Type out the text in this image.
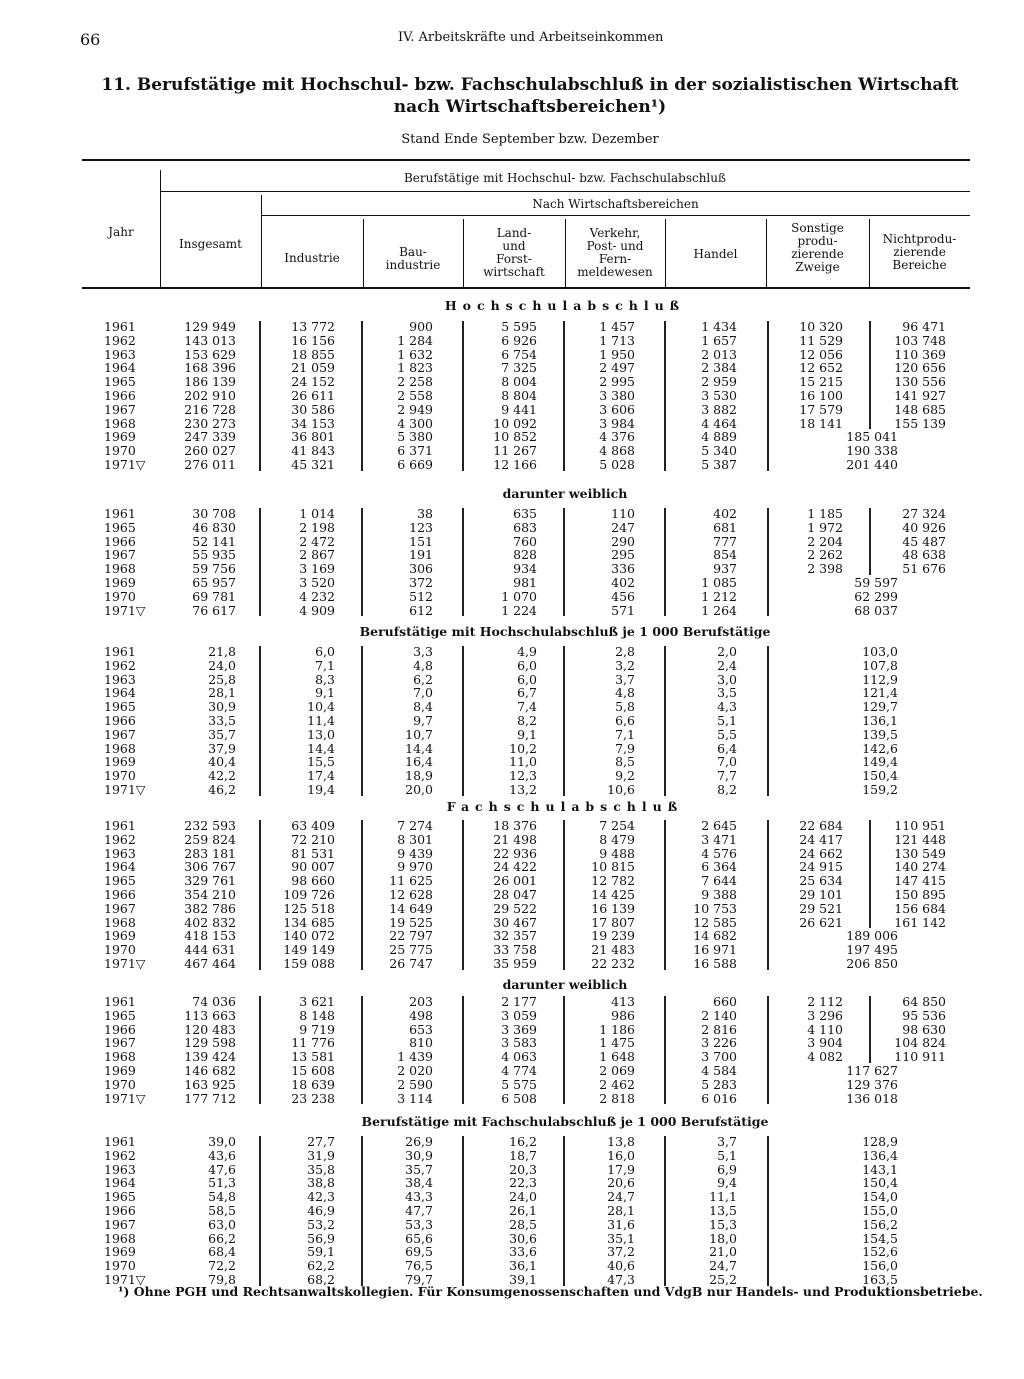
66	IV. Arbeitskräfte und Arbeitseinkommen
11. Berufstätige mit Hochschul- bzw. Fachschulabschluß in der sozialistischen Wirtschaft
nach Wirtschaftsbereichen¹)
Stand Ende September bzw. Dezember
Jahr
Berufstätige mit Hochschul- bzw. Fachschulabschluß
Nach Wirtschaftsbereichen
Insgesamt
Industrie	Bau-
industrie
Land-
und
Forst-
wirtschaft
Verkehr,
Post- und
Fern-
meldewesen
Handel
Sonstige
produ-
zierende
Zweige
Nichtprodu-
zierende
Bereiche
Hochschulabschluß
1961	129 949	13 772	900	5 595	1 457	1 434	10 320	96 471
1962	143 013	16 156	1 284	6 926	1 713	1 657	11 529	103 748
1963	153 629	18 855	1 632	6 754	1 950	2 013	12 056	110 369
1964	168 396	21 059	1 823	7 325	2 497	2 384	12 652	120 656
1965	186 139	24 152	2 258	8 004	2 995	2 959	15 215	130 556
1966	202 910	26 611	2 558	8 804	3 380	3 530	16 100	141 927
1967	216 728	30 586	2 949	9 441	3 606	3 882	17 579	148 685
1968	230 273	34 153	4 300	10 092	3 984	4 464	18 141	155 139
1969	247 339	36 801	5 380	10 852	4 376	4 889	185 041
1970	260 027	41 843	6 371	11 267	4 868	5 340	190 338
1971▽	276 011	45 321	6 669	12 166	5 028	5 387	201 440
darunter weiblich
1961	30 708	1 014	38	635	110	402	1 185	27 324
1965	46 830	2 198	123	683	247	681	1 972	40 926
1966	52 141	2 472	151	760	290	777	2 204	45 487
1967	55 935	2 867	191	828	295	854	2 262	48 638
1968	59 756	3 169	306	934	336	937	2 398	51 676
1969	65 957	3 520	372	981	402	1 085	59 597
1970	69 781	4 232	512	1 070	456	1 212	62 299
1971▽	76 617	4 909	612	1 224	571	1 264	68 037
Berufstätige mit Hochschulabschluß je 1 000 Berufstätige
1961	21,8	6,0	3,3	4,9	2,8	2,0	103,0
1962	24,0	7,1	4,8	6,0	3,2	2,4	107,8
1963	25,8	8,3	6,2	6,0	3,7	3,0	112,9
1964	28,1	9,1	7,0	6,7	4,8	3,5	121,4
1965	30,9	10,4	8,4	7,4	5,8	4,3	129,7
1966	33,5	11,4	9,7	8,2	6,6	5,1	136,1
1967	35,7	13,0	10,7	9,1	7,1	5,5	139,5
1968	37,9	14,4	14,4	10,2	7,9	6,4	142,6
1969	40,4	15,5	16,4	11,0	8,5	7,0	149,4
1970	42,2	17,4	18,9	12,3	9,2	7,7	150,4
1971▽	46,2	19,4	20,0	13,2	10,6	8,2	159,2
Fachschulabschluß
1961	232 593	63 409	7 274	18 376	7 254	2 645	22 684	110 951
1962	259 824	72 210	8 301	21 498	8 479	3 471	24 417	121 448
1963	283 181	81 531	9 439	22 936	9 488	4 576	24 662	130 549
1964	306 767	90 007	9 970	24 422	10 815	6 364	24 915	140 274
1965	329 761	98 660	11 625	26 001	12 782	7 644	25 634	147 415
1966	354 210	109 726	12 628	28 047	14 425	9 388	29 101	150 895
1967	382 786	125 518	14 649	29 522	16 139	10 753	29 521	156 684
1968	402 832	134 685	19 525	30 467	17 807	12 585	26 621	161 142
1969	418 153	140 072	22 797	32 357	19 239	14 682	189 006
1970	444 631	149 149	25 775	33 758	21 483	16 971	197 495
1971▽	467 464	159 088	26 747	35 959	22 232	16 588	206 850
darunter weiblich
1961	74 036	3 621	203	2 177	413	660	2 112	64 850
1965	113 663	8 148	498	3 059	986	2 140	3 296	95 536
1966	120 483	9 719	653	3 369	1 186	2 816	4 110	98 630
1967	129 598	11 776	810	3 583	1 475	3 226	3 904	104 824
1968	139 424	13 581	1 439	4 063	1 648	3 700	4 082	110 911
1969	146 682	15 608	2 020	4 774	2 069	4 584	117 627
1970	163 925	18 639	2 590	5 575	2 462	5 283	129 376
1971▽	177 712	23 238	3 114	6 508	2 818	6 016	136 018
Berufstätige mit Fachschulabschluß je 1 000 Berufstätige
1961	39,0	27,7	26,9	16,2	13,8	3,7	128,9
1962	43,6	31,9	30,9	18,7	16,0	5,1	136,4
1963	47,6	35,8	35,7	20,3	17,9	6,9	143,1
1964	51,3	38,8	38,4	22,3	20,6	9,4	150,4
1965	54,8	42,3	43,3	24,0	24,7	11,1	154,0
1966	58,5	46,9	47,7	26,1	28,1	13,5	155,0
1967	63,0	53,2	53,3	28,5	31,6	15,3	156,2
1968	66,2	56,9	65,6	30,6	35,1	18,0	154,5
1969	68,4	59,1	69,5	33,6	37,2	21,0	152,6
1970	72,2	62,2	76,5	36,1	40,6	24,7	156,0
1971▽	79,8	68,2	79,7	39,1	47,3	25,2	163,5
¹) Ohne PGH und Rechtsanwaltskollegien. Für Konsumgenossenschaften und VdgB nur Handels- und Produktionsbetriebe.
